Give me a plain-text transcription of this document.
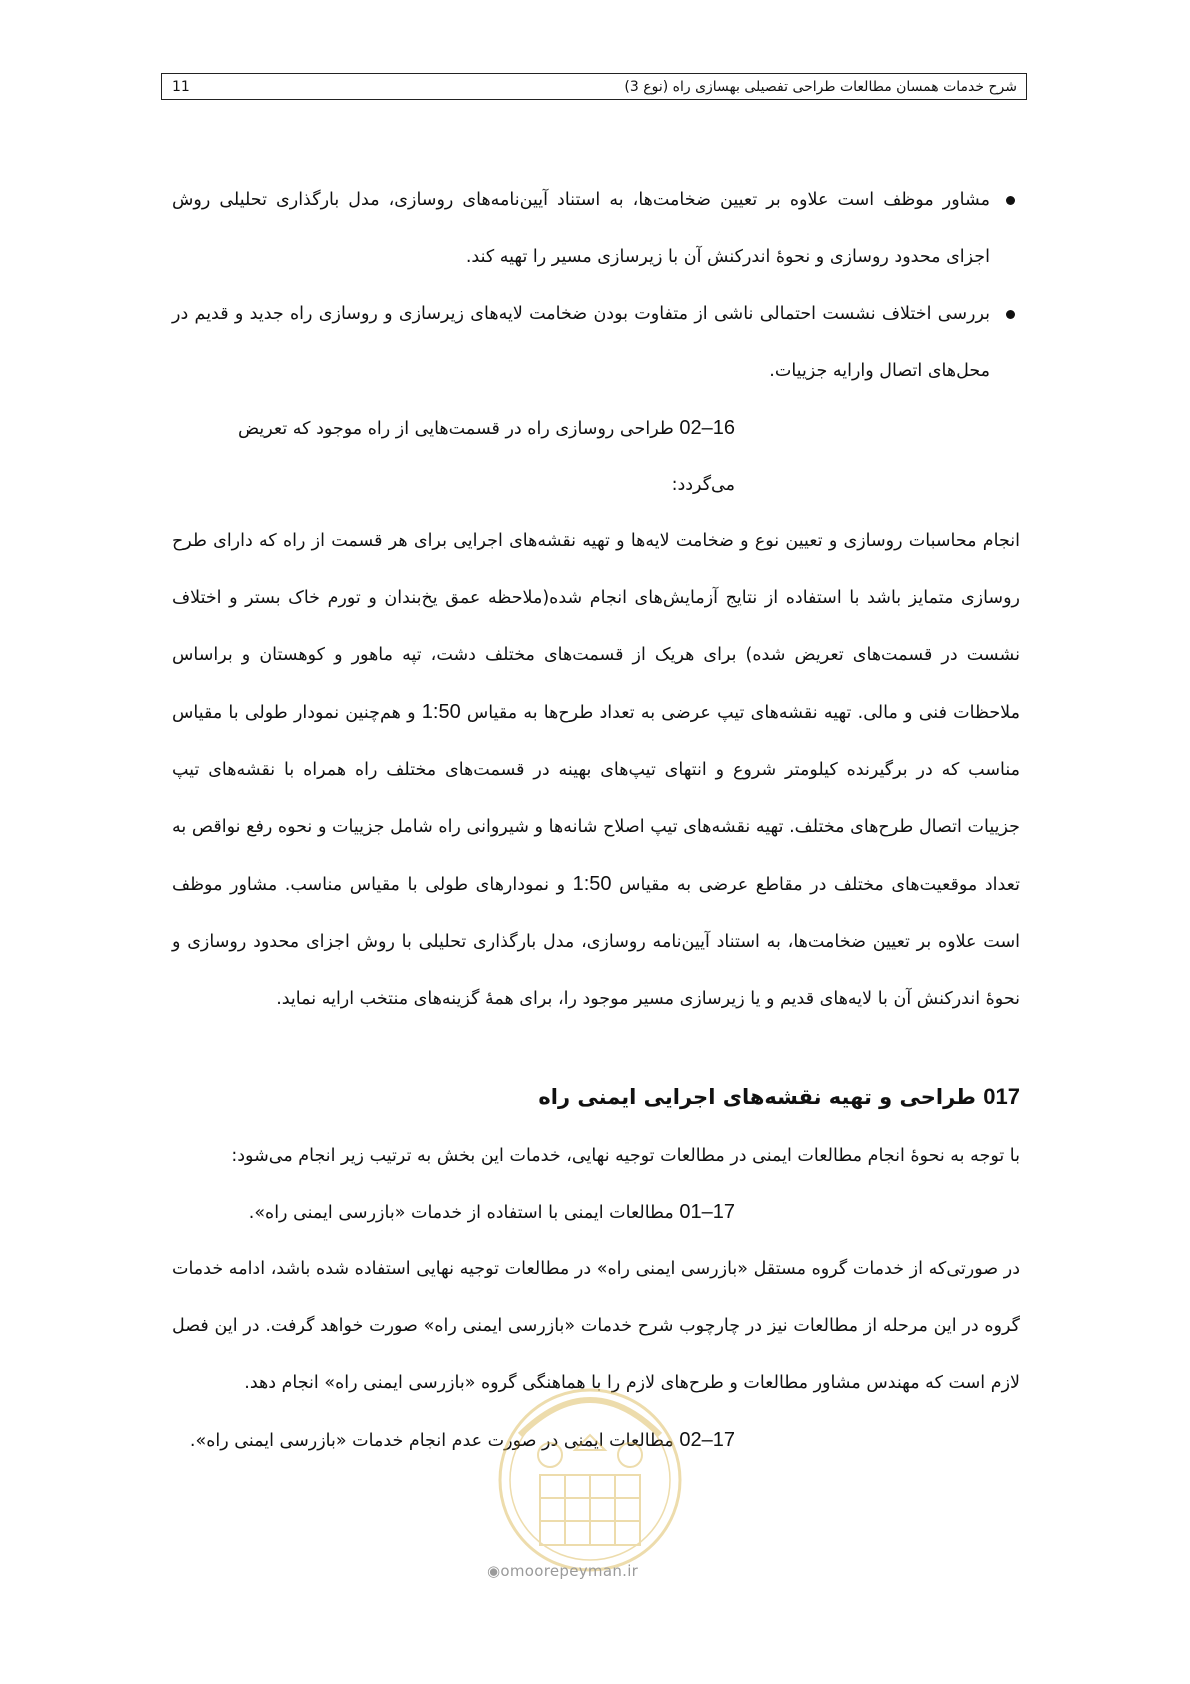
11	شرح خدمات همسان مطالعات طراحی تفصیلی بهسازی راه (نوع 3)
مشاور موظف است علاوه بر تعیین ضخامت‌ها، به استناد آیین‌نامه‌های روسازی، مدل بارگذاری تحلیلی روش اجزای محدود روسازی و نحوۀ اندرکنش آن با زیرسازی مسیر را تهیه کند.
بررسی اختلاف نشست احتمالی ناشی از متفاوت بودن ضخامت لایه‌های زیرسازی و روسازی راه جدید و قدیم در محل‌های اتصال وارایه جزییات.

16–02 طراحی روسازی راه در قسمت‌هایی از راه موجود که تعریض می‌گردد:

انجام محاسبات روسازی و تعیین نوع و ضخامت لایه‌ها و تهیه نقشه‌های اجرایی برای هر قسمت از راه که دارای طرح روسازی متمایز باشد با استفاده از نتایج آزمایش‌های انجام شده(ملاحظه عمق یخ‌بندان و تورم خاک بستر و اختلاف نشست در قسمت‌های تعریض شده) برای هریک از قسمت‌های مختلف دشت، تپه ماهور و کوهستان و براساس ملاحظات فنی و مالی. تهیه نقشه‌های تیپ عرضی به تعداد طرح‌ها به مقیاس 1:50 و هم‌چنین نمودار طولی با مقیاس مناسب که در برگیرنده کیلومتر شروع و انتهای تیپ‌های بهینه در قسمت‌های مختلف راه همراه با نقشه‌های تیپ جزییات اتصال طرح‌های مختلف. تهیه نقشه‌های تیپ اصلاح شانه‌ها و شیروانی راه شامل جزییات و نحوه رفع نواقص به تعداد موقعیت‌های مختلف در مقاطع عرضی به مقیاس 1:50 و نمودارهای طولی با مقیاس مناسب. مشاور موظف است علاوه بر تعیین ضخامت‌ها، به استناد آیین‌نامه روسازی، مدل بارگذاری تحلیلی با روش اجزای محدود روسازی و نحوۀ اندرکنش آن با لایه‌های قدیم و یا زیرسازی مسیر موجود را، برای همۀ گزینه‌های منتخب ارایه نماید.

017 طراحی و تهیه نقشه‌های اجرایی ایمنی راه

با توجه به نحوۀ انجام مطالعات ایمنی در مطالعات توجیه نهایی، خدمات این بخش به ترتیب زیر انجام می‌شود:

17–01 مطالعات ایمنی با استفاده از خدمات «بازرسی ایمنی راه».

در صورتی‌که از خدمات گروه مستقل «بازرسی ایمنی راه» در مطالعات توجیه نهایی استفاده شده باشد، ادامه خدمات گروه در این مرحله از مطالعات نیز در چارچوب شرح خدمات «بازرسی ایمنی راه» صورت خواهد گرفت. در این فصل لازم است که مهندس مشاور مطالعات و طرح‌های لازم را با هماهنگی گروه «بازرسی ایمنی راه» انجام دهد.

17–02 مطالعات ایمنی در صورت عدم انجام خدمات «بازرسی ایمنی راه».

◉omoorepeyman.ir
